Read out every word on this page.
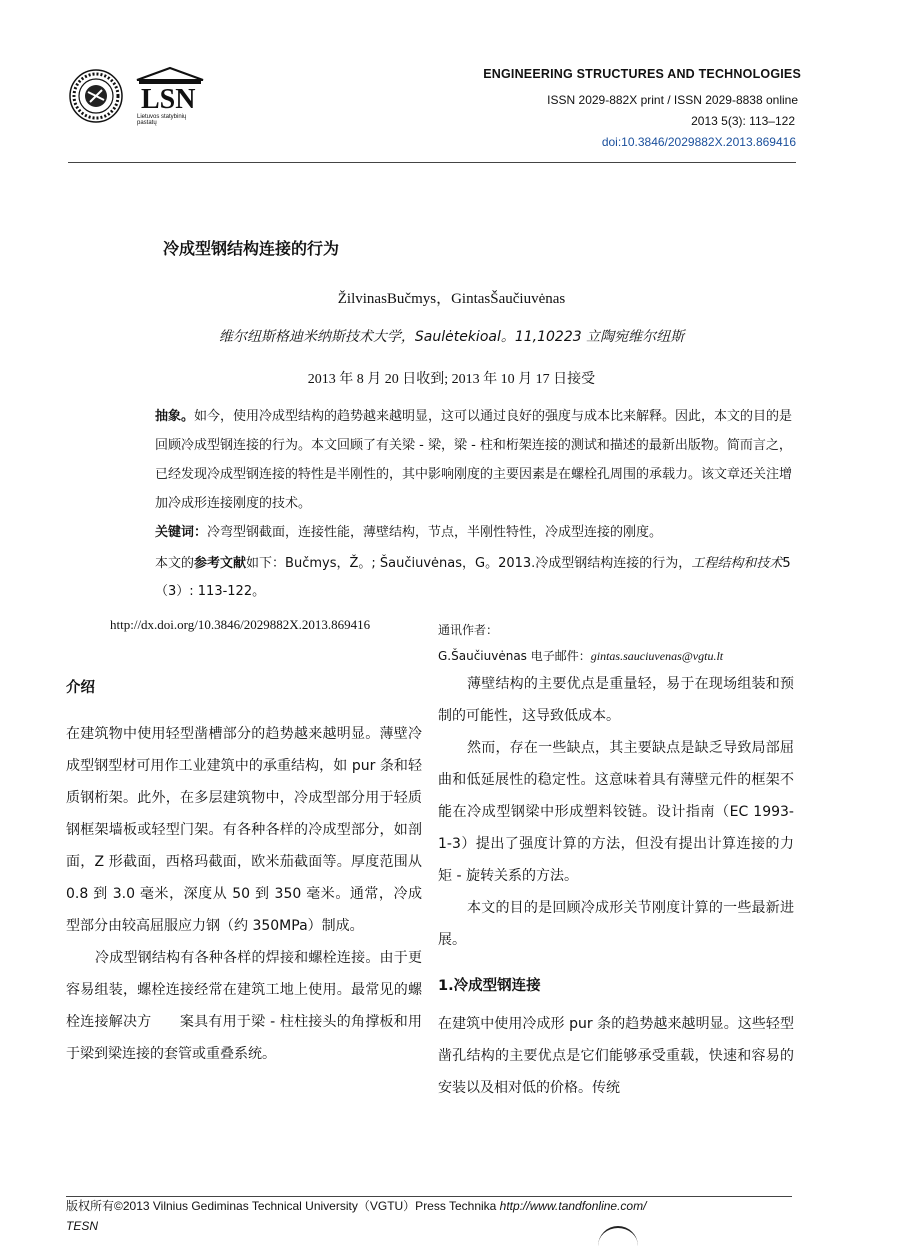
LSN
Lietuvos statybinių pastatų
ENGINEERING STRUCTURES AND TECHNOLOGIES
ISSN 2029-882X print / ISSN 2029-8838 online
2013 5(3): 113–122
doi:10.3846/2029882X.2013.869416
冷成型钢结构连接的行为
ŽilvinasBučmys，GintasŠaučiuvėnas
维尔纽斯格迪米纳斯技术大学，Saulėtekioal。11,10223 立陶宛维尔纽斯
2013 年 8 月 20 日收到; 2013 年 10 月 17 日接受
抽象。如今，使用冷成型结构的趋势越来越明显，这可以通过良好的强度与成本比来解释。因此，本文的目的是回顾冷成型钢连接的行为。本文回顾了有关梁 - 梁，梁 - 柱和桁架连接的测试和描述的最新出版物。简而言之，已经发现冷成型钢连接的特性是半刚性的，其中影响刚度的主要因素是在螺栓孔周围的承载力。该文章还关注增加冷成形连接刚度的技术。
关键词：冷弯型钢截面，连接性能，薄壁结构，节点，半刚性特性，冷成型连接的刚度。
本文的参考文献如下：Bučmys，Ž。; Šaučiuvėnas，G。2013.冷成型钢结构连接的行为，工程结构和技术5（3）: 113-122。
http://dx.doi.org/10.3846/2029882X.2013.869416	通讯作者：
G.Šaučiuvėnas 电子邮件：gintas.sauciuvenas@vgtu.lt

介绍

在建筑物中使用轻型凿槽部分的趋势越来越明显。薄壁冷成型钢型材可用作工业建筑中的承重结构，如 pur 条和轻质钢桁架。此外，在多层建筑物中，冷成型部分用于轻质钢框架墙板或轻型门架。有各种各样的冷成型部分，如剖面，Z 形截面，西格玛截面，欧米茄截面等。厚度范围从 0.8 到 3.0 毫米，深度从 50 到 350 毫米。通常，冷成型部分由较高屈服应力钢（约 350MPa）制成。

冷成型钢结构有各种各样的焊接和螺栓连接。由于更容易组装，螺栓连接经常在建筑工地上使用。最常见的螺栓连接解决方　　案具有用于梁 - 柱柱接头的角撑板和用于梁到梁连接的套管或重叠系统。

薄壁结构的主要优点是重量轻，易于在现场组装和预制的可能性，这导致低成本。

然而，存在一些缺点，其主要缺点是缺乏导致局部屈曲和低延展性的稳定性。这意味着具有薄壁元件的框架不能在冷成型钢梁中形成塑料铰链。设计指南（EC 1993-1-3）提出了强度计算的方法，但没有提出计算连接的力矩 - 旋转关系的方法。

本文的目的是回顾冷成形关节刚度计算的一些最新进展。

1.冷成型钢连接

在建筑中使用冷成形 pur 条的趋势越来越明显。这些轻型凿孔结构的主要优点是它们能够承受重载，快速和容易的安装以及相对低的价格。传统

版权所有©2013 Vilnius Gediminas Technical University（VGTU）Press Technika http://www.tandfonline.com/
TESN
